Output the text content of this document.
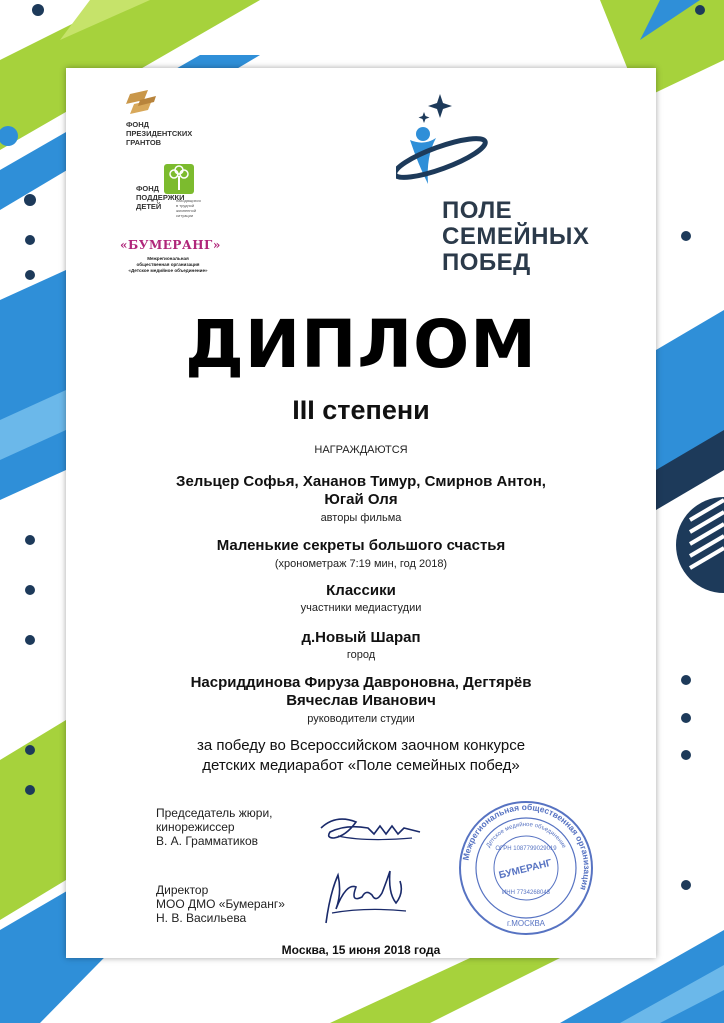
ФОНД
ПРЕЗИДЕНТСКИХ
ГРАНТОВ
ФОНД
ПОДДЕРЖКИ
ДЕТЕЙ
находящихся
в трудной
жизненной
ситуации
«БУМЕРАНГ»
Межрегиональная
общественная организация
«Детское медийное объединение»
ПОЛЕ
СЕМЕЙНЫХ
ПОБЕД
ДИПЛОМ
III степени
НАГРАЖДАЮТСЯ
Зельцер Софья, Хананов Тимур, Смирнов Антон,
Югай Оля
авторы фильма
Маленькие секреты большого счастья
(хронометраж 7:19 мин, год 2018)
Классики
участники медиастудии
д.Новый Шарап
город
Насриддинова Фируза Давроновна, Дегтярёв
Вячеслав Иванович
руководители студии
за победу во Всероссийском заочном конкурсе
детских медиаработ «Поле семейных побед»
Председатель жюри,
кинорежиссер
В. А. Грамматиков
Директор
МОО ДМО «Бумеранг»
Н. В. Васильева
Межрегиональная общественная организация
Детское медийное объединение
ОГРН 1087799029019
БУМЕРАНГ
ИНН 7734268043
г.МОСКВА
Москва, 15 июня 2018 года
